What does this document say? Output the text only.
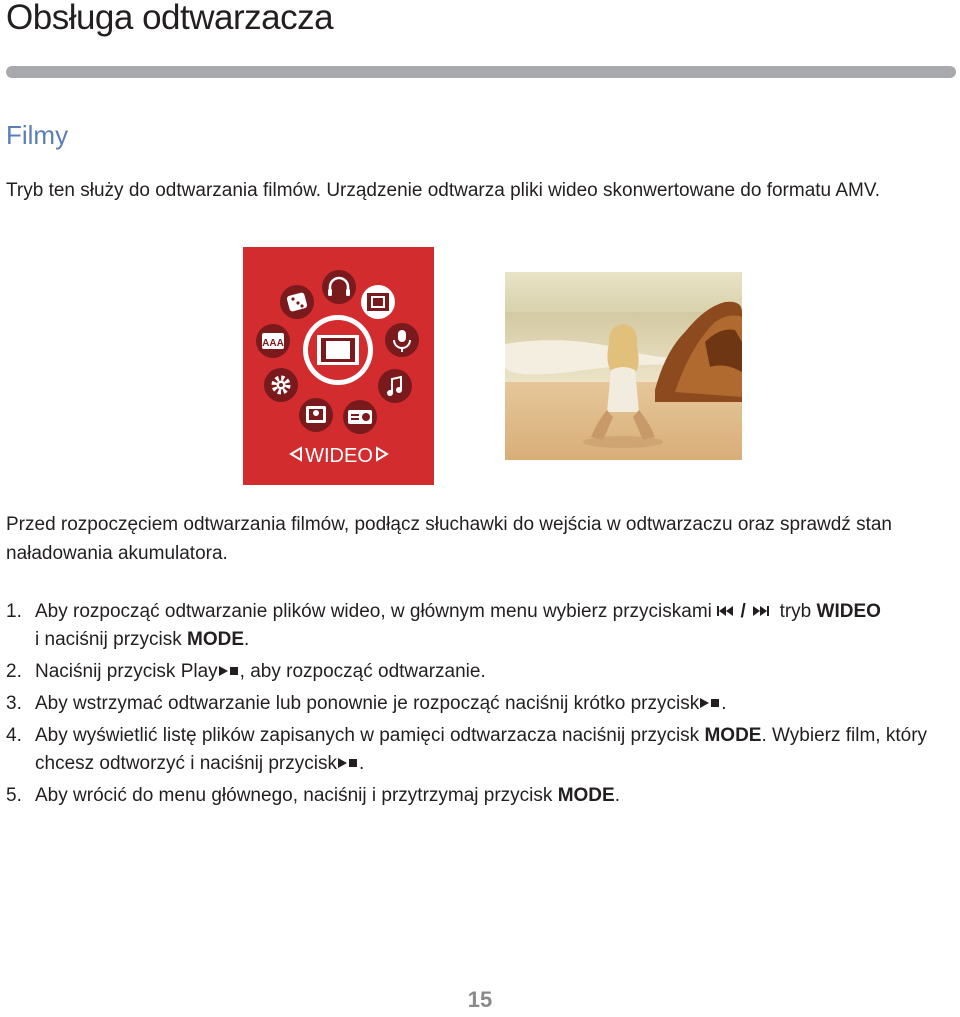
Obsługa odtwarzacza
Filmy

Tryb ten służy do odtwarzania filmów. Urządzenie odtwarza pliki wideo skonwertowane do formatu AMV.

AAA
WIDEO

Przed rozpoczęciem odtwarzania filmów, podłącz słuchawki do wejścia w odtwarzaczu oraz sprawdź stan naładowania akumulatora.

1. Aby rozpocząć odtwarzanie plików wideo, w głównym menu wybierz przyciskami / tryb WIDEO
i naciśnij przycisk MODE.
2. Naciśnij przycisk Play , aby rozpocząć odtwarzanie.
3. Aby wstrzymać odtwarzanie lub ponownie je rozpocząć naciśnij krótko przycisk .
4. Aby wyświetlić listę plików zapisanych w pamięci odtwarzacza naciśnij przycisk MODE. Wybierz film, który chcesz odtworzyć i naciśnij przycisk .
5. Aby wrócić do menu głównego, naciśnij i przytrzymaj przycisk MODE.
15
